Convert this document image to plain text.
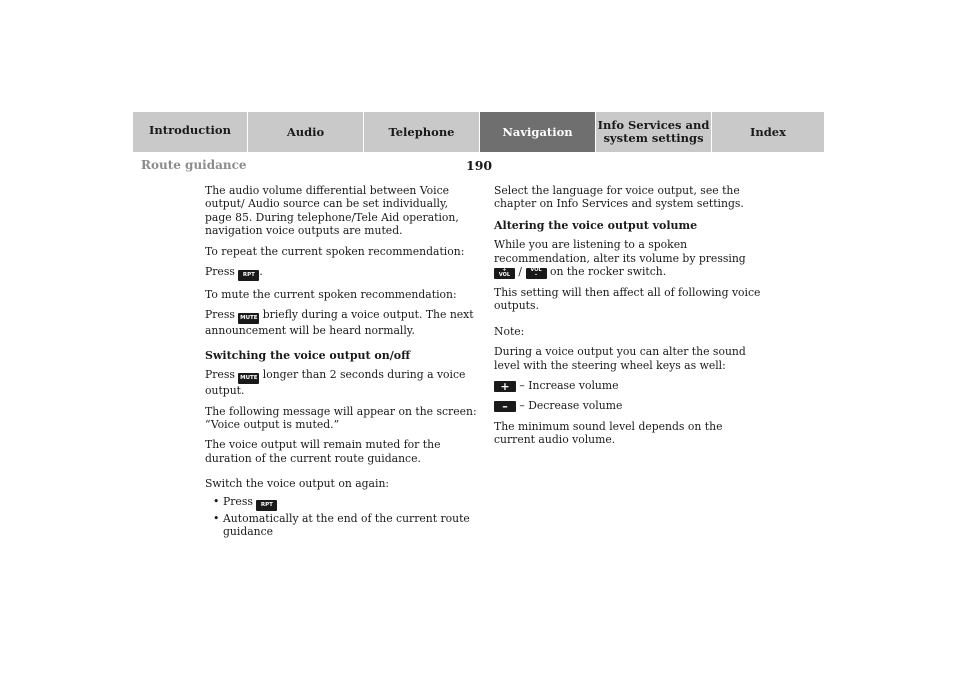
Introduction	Audio	Telephone	Navigation	Info Services and
system settings	Index
Route guidance	190

The audio volume differential between Voice output/ Audio source can be set individually, page 85. During telephone/Tele Aid operation, navigation voice outputs are muted.

To repeat the current spoken recommendation:

Press RPT .

To mute the current spoken recommendation:

Press MUTE briefly during a voice output. The next announcement will be heard normally.

Switching the voice output on/off

Press MUTE longer than 2 seconds during a voice output.

The following message will appear on the screen:
“Voice output is muted.”

The voice output will remain muted for the duration of the current route guidance.

Switch the voice output on again:

• Press RPT
• Automatically at the end of the current route guidance

Select the language for voice output, see the chapter on Info Services and system settings.

Altering the voice output volume

While you are listening to a spoken recommendation, alter its volume by pressing +
VOL / VOL
– on the rocker switch.

This setting will then affect all of following voice outputs.

Note:

During a voice output you can alter the sound level with the steering wheel keys as well:

+ – Increase volume

– – Decrease volume

The minimum sound level depends on the current audio volume.
